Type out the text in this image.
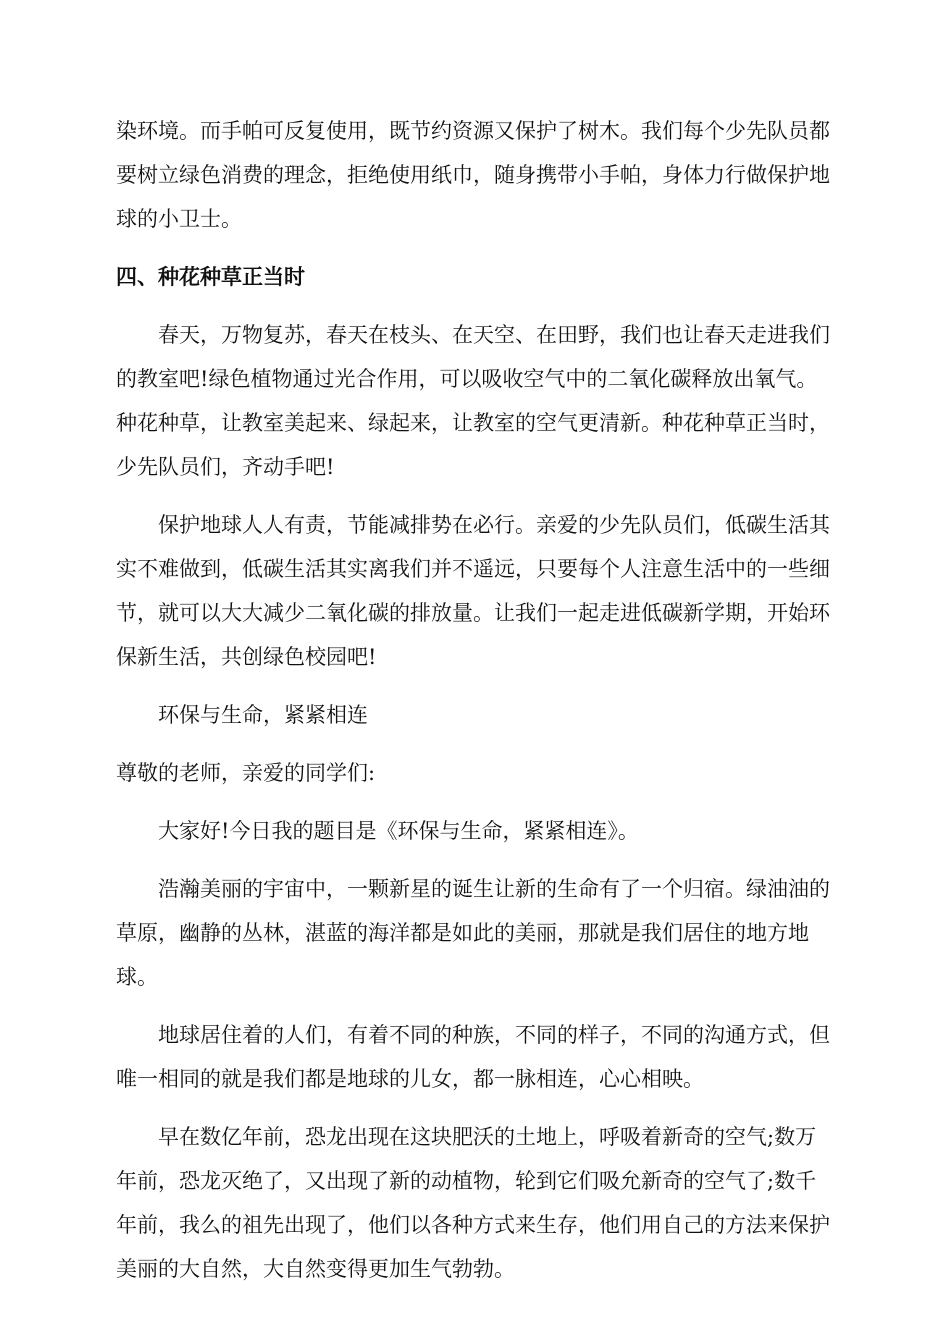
染环境。而手帕可反复使用，既节约资源又保护了树木。我们每个少先队员都要树立绿色消费的理念，拒绝使用纸巾，随身携带小手帕，身体力行做保护地球的小卫士。

四、种花种草正当时

春天，万物复苏，春天在枝头、在天空、在田野，我们也让春天走进我们的教室吧!绿色植物通过光合作用，可以吸收空气中的二氧化碳释放出氧气。种花种草，让教室美起来、绿起来，让教室的空气更清新。种花种草正当时，少先队员们，齐动手吧!

保护地球人人有责，节能减排势在必行。亲爱的少先队员们，低碳生活其实不难做到，低碳生活其实离我们并不遥远，只要每个人注意生活中的一些细节，就可以大大减少二氧化碳的排放量。让我们一起走进低碳新学期，开始环保新生活，共创绿色校园吧!

环保与生命，紧紧相连

尊敬的老师，亲爱的同学们:

大家好!今日我的题目是《环保与生命，紧紧相连》。

浩瀚美丽的宇宙中，一颗新星的诞生让新的生命有了一个归宿。绿油油的草原，幽静的丛林，湛蓝的海洋都是如此的美丽，那就是我们居住的地方地球。

地球居住着的人们，有着不同的种族，不同的样子，不同的沟通方式，但唯一相同的就是我们都是地球的儿女，都一脉相连，心心相映。

早在数亿年前，恐龙出现在这块肥沃的土地上，呼吸着新奇的空气;数万年前，恐龙灭绝了，又出现了新的动植物，轮到它们吸允新奇的空气了;数千年前，我么的祖先出现了，他们以各种方式来生存，他们用自己的方法来保护美丽的大自然，大自然变得更加生气勃勃。
